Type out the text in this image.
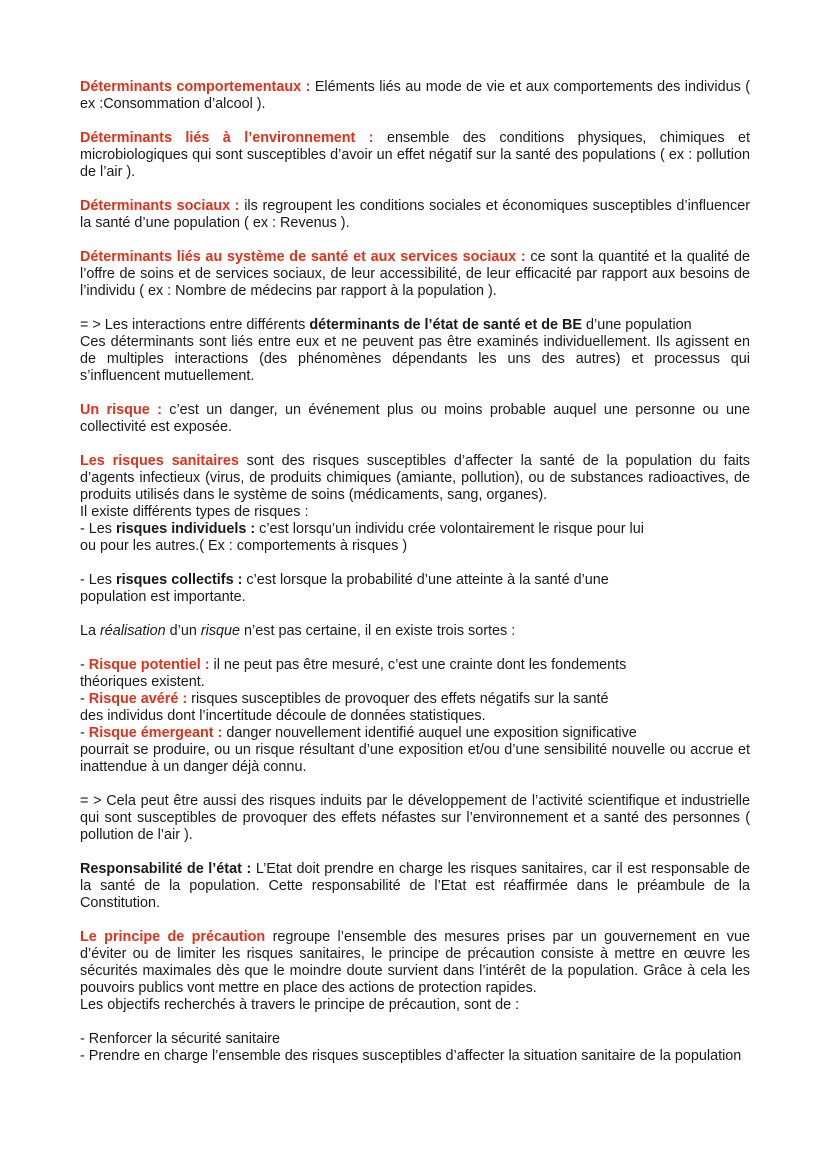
Déterminants comportementaux : Eléments liés au mode de vie et aux comportements des individus ( ex :Consommation d’alcool ).

Déterminants liés à l’environnement : ensemble des conditions physiques, chimiques et microbiologiques qui sont susceptibles d’avoir un effet négatif sur la santé des populations ( ex : pollution de l’air ).

Déterminants sociaux : ils regroupent les conditions sociales et économiques susceptibles d’influencer la santé d’une population ( ex : Revenus ).

Déterminants liés au système de santé et aux services sociaux : ce sont la quantité et la qualité de l’offre de soins et de services sociaux, de leur accessibilité, de leur efficacité par rapport aux besoins de l’individu ( ex : Nombre de médecins par rapport à la population ).

= > Les interactions entre différents déterminants de l’état de santé et de BE d’une population

Ces déterminants sont liés entre eux et ne peuvent pas être examinés individuellement. Ils agissent en de multiples interactions (des phénomènes dépendants les uns des autres) et processus qui s’influencent mutuellement.

Un risque : c’est un danger, un événement plus ou moins probable auquel une personne ou une collectivité est exposée.

Les risques sanitaires sont des risques susceptibles d’affecter la santé de la population du faits d’agents infectieux (virus, de produits chimiques (amiante, pollution), ou de substances radioactives, de produits utilisés dans le système de soins (médicaments, sang, organes).

Il existe différents types de risques :

- Les risques individuels : c’est lorsqu’un individu crée volontairement le risque pour lui

ou pour les autres.( Ex : comportements à risques )

- Les risques collectifs : c’est lorsque la probabilité d’une atteinte à la santé d’une

population est importante.

La réalisation d’un risque n’est pas certaine, il en existe trois sortes :

- Risque potentiel : il ne peut pas être mesuré, c’est une crainte dont les fondements

théoriques existent.

- Risque avéré : risques susceptibles de provoquer des effets négatifs sur la santé

des individus dont l’incertitude découle de données statistiques.

- Risque émergeant : danger nouvellement identifié auquel une exposition significative

pourrait se produire, ou un risque résultant d’une exposition et/ou d’une sensibilité nouvelle ou accrue et inattendue à un danger déjà connu.

= > Cela peut être aussi des risques induits par le développement de l’activité scientifique et industrielle qui sont susceptibles de provoquer des effets néfastes sur l’environnement et a santé des personnes ( pollution de l’air ).

Responsabilité de l’état : L’Etat doit prendre en charge les risques sanitaires, car il est responsable de la santé de la population. Cette responsabilité de l’Etat est réaffirmée dans le préambule de la Constitution.

Le principe de précaution regroupe l’ensemble des mesures prises par un gouvernement en vue d’éviter ou de limiter les risques sanitaires, le principe de précaution consiste à mettre en œuvre les sécurités maximales dès que le moindre doute survient dans l’intérêt de la population. Grâce à cela les pouvoirs publics vont mettre en place des actions de protection rapides.

Les objectifs recherchés à travers le principe de précaution, sont de :

- Renforcer la sécurité sanitaire

- Prendre en charge l’ensemble des risques susceptibles d’affecter la situation sanitaire de la population
